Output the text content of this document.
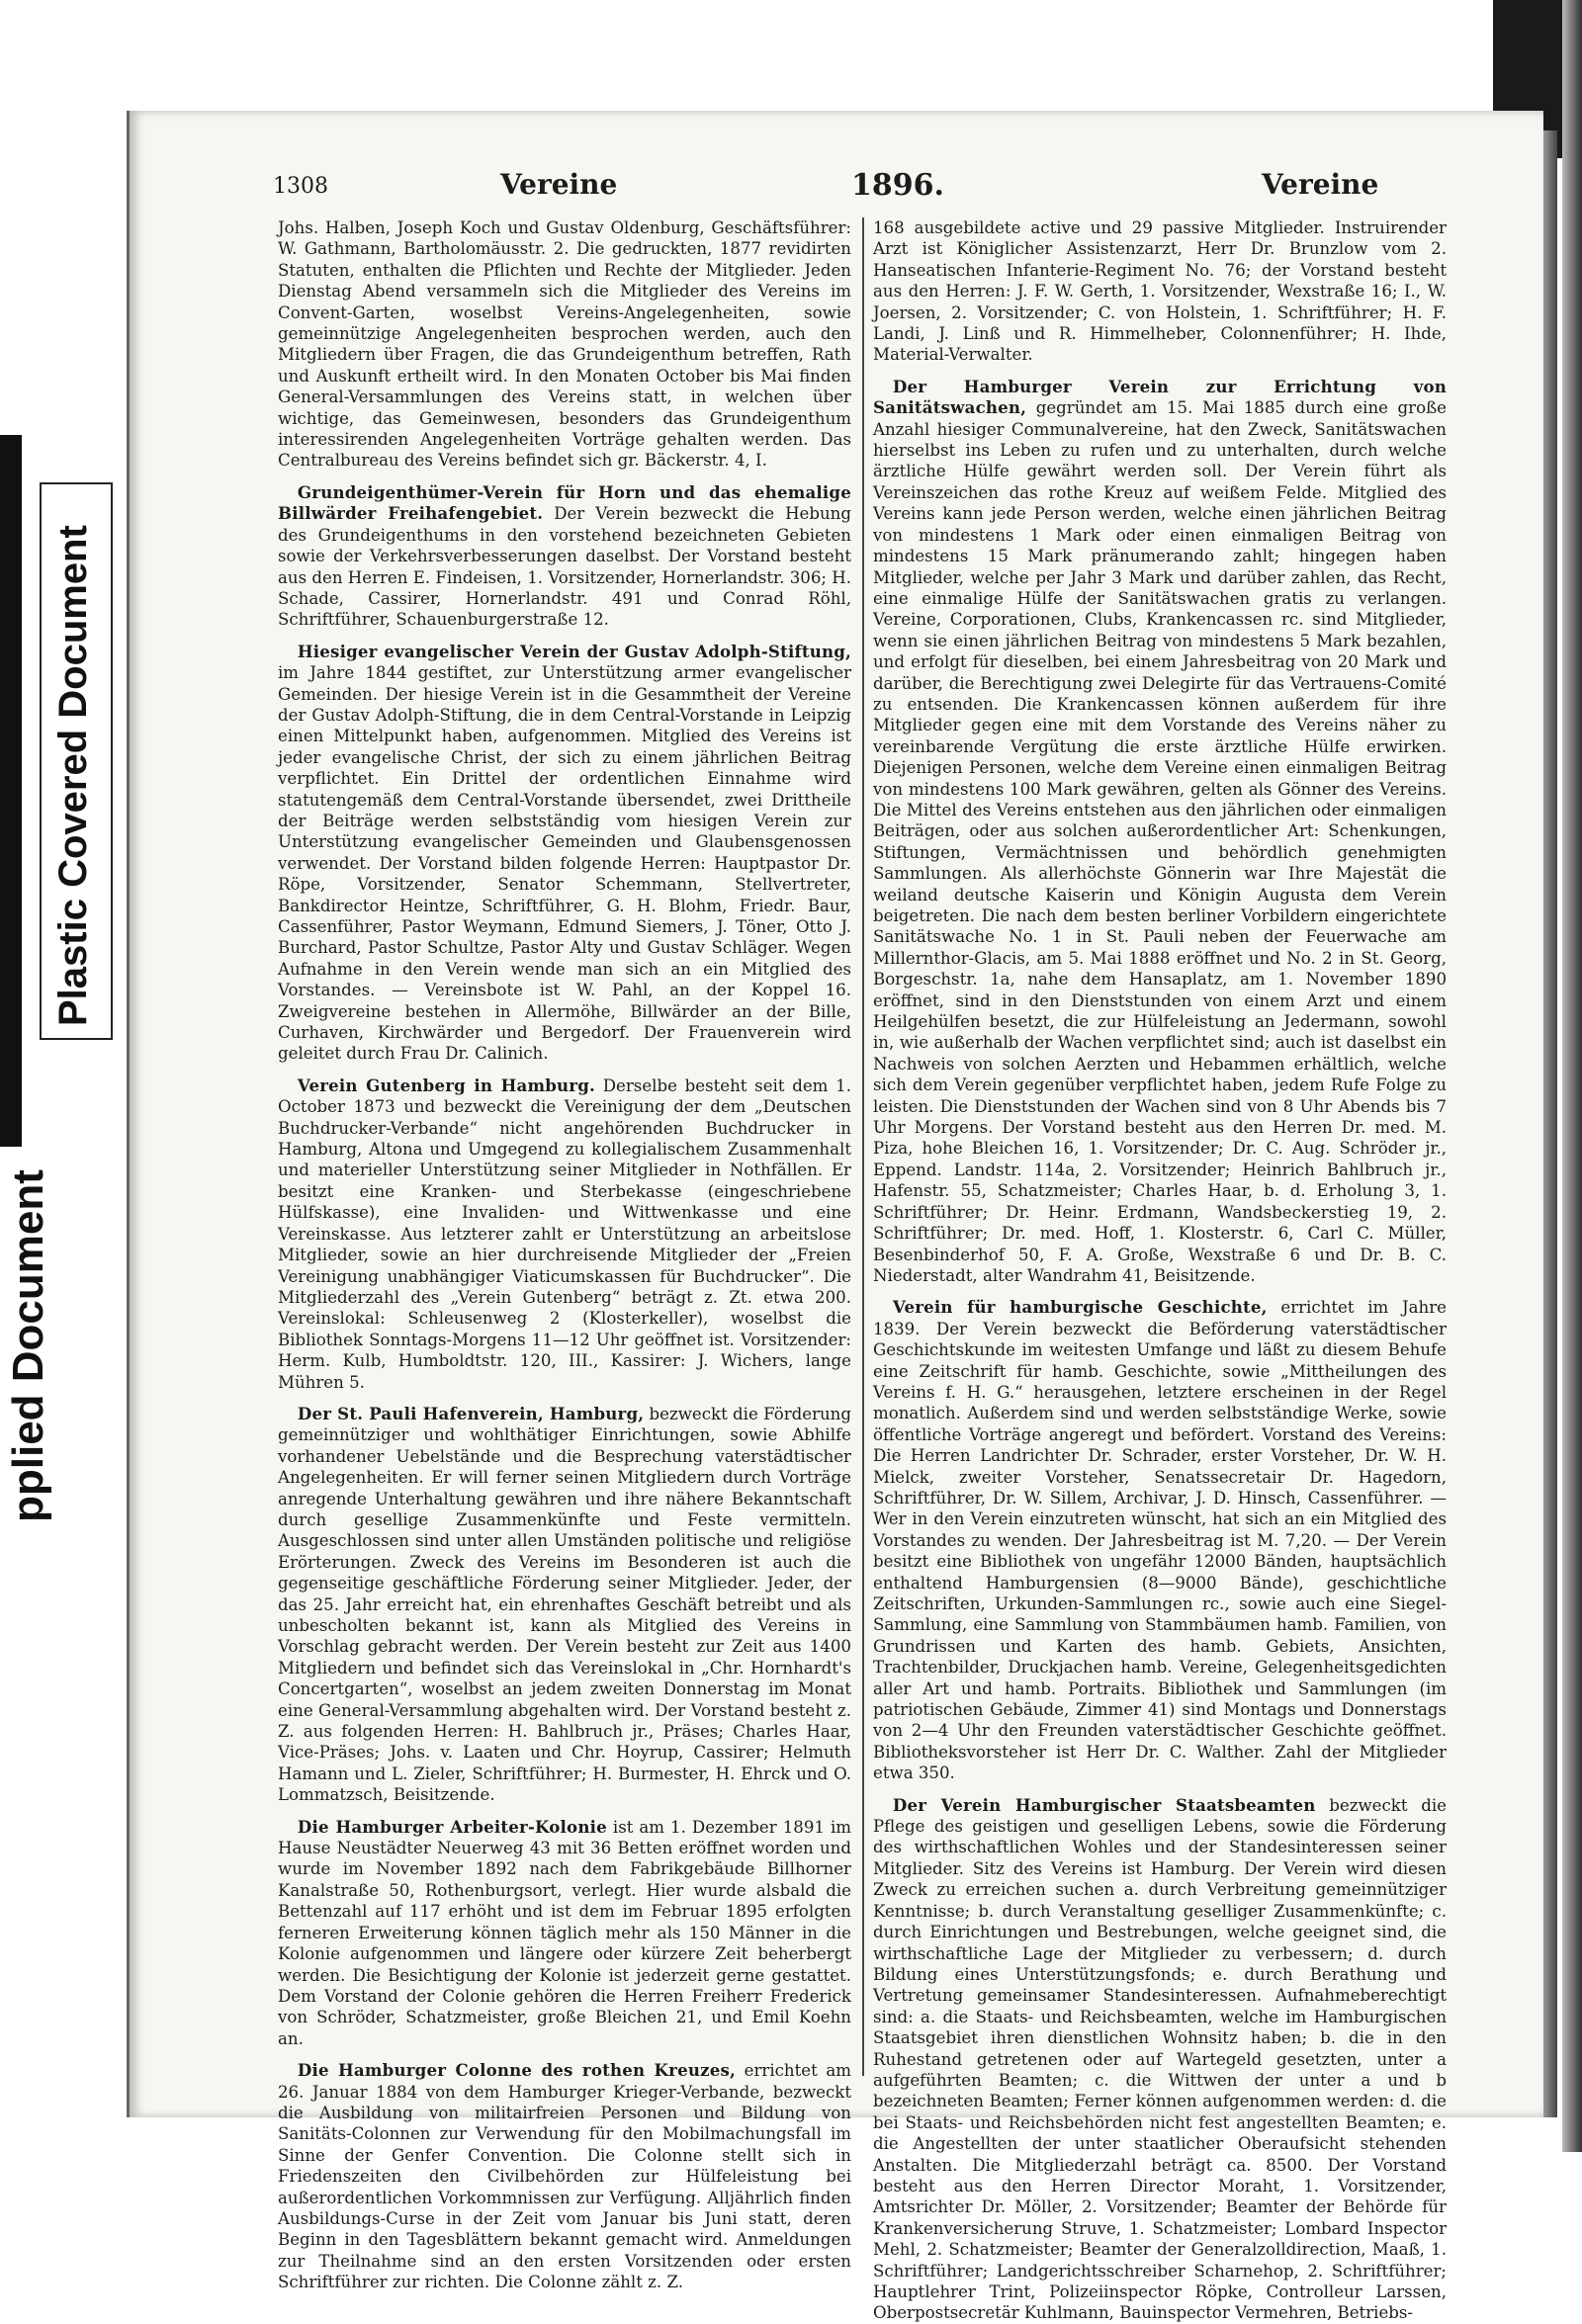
pplied Document
Plastic Covered Document
1308	Vereine	1896.	Vereine

Johs. Halben, Joseph Koch und Gustav Oldenburg, Geschäftsführer: W. Gathmann, Bartholomäusstr. 2. Die gedruckten, 1877 revidirten Statuten, enthalten die Pflichten und Rechte der Mitglieder. Jeden Dienstag Abend versammeln sich die Mitglieder des Vereins im Convent-Garten, woselbst Vereins-Angelegenheiten, sowie gemeinnützige Angelegenheiten besprochen werden, auch den Mitgliedern über Fragen, die das Grundeigenthum betreffen, Rath und Auskunft ertheilt wird. In den Monaten October bis Mai finden General-Versammlungen des Vereins statt, in welchen über wichtige, das Gemeinwesen, besonders das Grundeigenthum interessirenden Angelegenheiten Vorträge gehalten werden. Das Centralbureau des Vereins befindet sich gr. Bäckerstr. 4, I.

Grundeigenthümer-Verein für Horn und das ehemalige Billwärder Freihafengebiet. Der Verein bezweckt die Hebung des Grundeigenthums in den vorstehend bezeichneten Gebieten sowie der Verkehrsverbesserungen daselbst. Der Vorstand besteht aus den Herren E. Findeisen, 1. Vorsitzender, Hornerlandstr. 306; H. Schade, Cassirer, Hornerlandstr. 491 und Conrad Röhl, Schriftführer, Schauenburgerstraße 12.

Hiesiger evangelischer Verein der Gustav Adolph-Stiftung, im Jahre 1844 gestiftet, zur Unterstützung armer evangelischer Gemeinden. Der hiesige Verein ist in die Gesammtheit der Vereine der Gustav Adolph-Stiftung, die in dem Central-Vorstande in Leipzig einen Mittelpunkt haben, aufgenommen. Mitglied des Vereins ist jeder evangelische Christ, der sich zu einem jährlichen Beitrag verpflichtet. Ein Drittel der ordentlichen Einnahme wird statutengemäß dem Central-Vorstande übersendet, zwei Drittheile der Beiträge werden selbstständig vom hiesigen Verein zur Unterstützung evangelischer Gemeinden und Glaubensgenossen verwendet. Der Vorstand bilden folgende Herren: Hauptpastor Dr. Röpe, Vorsitzender, Senator Schemmann, Stellvertreter, Bankdirector Heintze, Schriftführer, G. H. Blohm, Friedr. Baur, Cassenführer, Pastor Weymann, Edmund Siemers, J. Töner, Otto J. Burchard, Pastor Schultze, Pastor Alty und Gustav Schläger. Wegen Aufnahme in den Verein wende man sich an ein Mitglied des Vorstandes. — Vereinsbote ist W. Pahl, an der Koppel 16. Zweigvereine bestehen in Allermöhe, Billwärder an der Bille, Curhaven, Kirchwärder und Bergedorf. Der Frauenverein wird geleitet durch Frau Dr. Calinich.

Verein Gutenberg in Hamburg. Derselbe besteht seit dem 1. October 1873 und bezweckt die Vereinigung der dem „Deutschen Buchdrucker-Verbande“ nicht angehörenden Buchdrucker in Hamburg, Altona und Umgegend zu kollegialischem Zusammenhalt und materieller Unterstützung seiner Mitglieder in Nothfällen. Er besitzt eine Kranken- und Sterbekasse (eingeschriebene Hülfskasse), eine Invaliden- und Wittwenkasse und eine Vereinskasse. Aus letzterer zahlt er Unterstützung an arbeitslose Mitglieder, sowie an hier durchreisende Mitglieder der „Freien Vereinigung unabhängiger Viaticumskassen für Buchdrucker“. Die Mitgliederzahl des „Verein Gutenberg“ beträgt z. Zt. etwa 200. Vereinslokal: Schleusenweg 2 (Klosterkeller), woselbst die Bibliothek Sonntags-Morgens 11—12 Uhr geöffnet ist. Vorsitzender: Herm. Kulb, Humboldtstr. 120, III., Kassirer: J. Wichers, lange Mühren 5.

Der St. Pauli Hafenverein, Hamburg, bezweckt die Förderung gemeinnütziger und wohlthätiger Einrichtungen, sowie Abhilfe vorhandener Uebelstände und die Besprechung vaterstädtischer Angelegenheiten. Er will ferner seinen Mitgliedern durch Vorträge anregende Unterhaltung gewähren und ihre nähere Bekanntschaft durch gesellige Zusammenkünfte und Feste vermitteln. Ausgeschlossen sind unter allen Umständen politische und religiöse Erörterungen. Zweck des Vereins im Besonderen ist auch die gegenseitige geschäftliche Förderung seiner Mitglieder. Jeder, der das 25. Jahr erreicht hat, ein ehrenhaftes Geschäft betreibt und als unbescholten bekannt ist, kann als Mitglied des Vereins in Vorschlag gebracht werden. Der Verein besteht zur Zeit aus 1400 Mitgliedern und befindet sich das Vereinslokal in „Chr. Hornhardt's Concertgarten“, woselbst an jedem zweiten Donnerstag im Monat eine General-Versammlung abgehalten wird. Der Vorstand besteht z. Z. aus folgenden Herren: H. Bahlbruch jr., Präses; Charles Haar, Vice-Präses; Johs. v. Laaten und Chr. Hoyrup, Cassirer; Helmuth Hamann und L. Zieler, Schriftführer; H. Burmester, H. Ehrck und O. Lommatzsch, Beisitzende.

Die Hamburger Arbeiter-Kolonie ist am 1. Dezember 1891 im Hause Neustädter Neuerweg 43 mit 36 Betten eröffnet worden und wurde im November 1892 nach dem Fabrikgebäude Billhorner Kanalstraße 50, Rothenburgsort, verlegt. Hier wurde alsbald die Bettenzahl auf 117 erhöht und ist dem im Februar 1895 erfolgten ferneren Erweiterung können täglich mehr als 150 Männer in die Kolonie aufgenommen und längere oder kürzere Zeit beherbergt werden. Die Besichtigung der Kolonie ist jederzeit gerne gestattet. Dem Vorstand der Colonie gehören die Herren Freiherr Frederick von Schröder, Schatzmeister, große Bleichen 21, und Emil Koehn an.

Die Hamburger Colonne des rothen Kreuzes, errichtet am 26. Januar 1884 von dem Hamburger Krieger-Verbande, bezweckt die Ausbildung von militairfreien Personen und Bildung von Sanitäts-Colonnen zur Verwendung für den Mobilmachungsfall im Sinne der Genfer Convention. Die Colonne stellt sich in Friedenszeiten den Civilbehörden zur Hülfeleistung bei außerordentlichen Vorkommnissen zur Verfügung. Alljährlich finden Ausbildungs-Curse in der Zeit vom Januar bis Juni statt, deren Beginn in den Tagesblättern bekannt gemacht wird. Anmeldungen zur Theilnahme sind an den ersten Vorsitzenden oder ersten Schriftführer zur richten. Die Colonne zählt z. Z.

168 ausgebildete active und 29 passive Mitglieder. Instruirender Arzt ist Königlicher Assistenzarzt, Herr Dr. Brunzlow vom 2. Hanseatischen Infanterie-Regiment No. 76; der Vorstand besteht aus den Herren: J. F. W. Gerth, 1. Vorsitzender, Wexstraße 16; I., W. Joersen, 2. Vorsitzender; C. von Holstein, 1. Schriftführer; H. F. Landi, J. Linß und R. Himmelheber, Colonnenführer; H. Ihde, Material-Verwalter.

Der Hamburger Verein zur Errichtung von Sanitätswachen, gegründet am 15. Mai 1885 durch eine große Anzahl hiesiger Communalvereine, hat den Zweck, Sanitätswachen hierselbst ins Leben zu rufen und zu unterhalten, durch welche ärztliche Hülfe gewährt werden soll. Der Verein führt als Vereinszeichen das rothe Kreuz auf weißem Felde. Mitglied des Vereins kann jede Person werden, welche einen jährlichen Beitrag von mindestens 1 Mark oder einen einmaligen Beitrag von mindestens 15 Mark pränumerando zahlt; hingegen haben Mitglieder, welche per Jahr 3 Mark und darüber zahlen, das Recht, eine einmalige Hülfe der Sanitätswachen gratis zu verlangen. Vereine, Corporationen, Clubs, Krankencassen rc. sind Mitglieder, wenn sie einen jährlichen Beitrag von mindestens 5 Mark bezahlen, und erfolgt für dieselben, bei einem Jahresbeitrag von 20 Mark und darüber, die Berechtigung zwei Delegirte für das Vertrauens-Comité zu entsenden. Die Krankencassen können außerdem für ihre Mitglieder gegen eine mit dem Vorstande des Vereins näher zu vereinbarende Vergütung die erste ärztliche Hülfe erwirken. Diejenigen Personen, welche dem Vereine einen einmaligen Beitrag von mindestens 100 Mark gewähren, gelten als Gönner des Vereins. Die Mittel des Vereins entstehen aus den jährlichen oder einmaligen Beiträgen, oder aus solchen außerordentlicher Art: Schenkungen, Stiftungen, Vermächtnissen und behördlich genehmigten Sammlungen. Als allerhöchste Gönnerin war Ihre Majestät die weiland deutsche Kaiserin und Königin Augusta dem Verein beigetreten. Die nach dem besten berliner Vorbildern eingerichtete Sanitätswache No. 1 in St. Pauli neben der Feuerwache am Millernthor-Glacis, am 5. Mai 1888 eröffnet und No. 2 in St. Georg, Borgeschstr. 1a, nahe dem Hansaplatz, am 1. November 1890 eröffnet, sind in den Dienststunden von einem Arzt und einem Heilgehülfen besetzt, die zur Hülfeleistung an Jedermann, sowohl in, wie außerhalb der Wachen verpflichtet sind; auch ist daselbst ein Nachweis von solchen Aerzten und Hebammen erhältlich, welche sich dem Verein gegenüber verpflichtet haben, jedem Rufe Folge zu leisten. Die Dienststunden der Wachen sind von 8 Uhr Abends bis 7 Uhr Morgens. Der Vorstand besteht aus den Herren Dr. med. M. Piza, hohe Bleichen 16, 1. Vorsitzender; Dr. C. Aug. Schröder jr., Eppend. Landstr. 114a, 2. Vorsitzender; Heinrich Bahlbruch jr., Hafenstr. 55, Schatzmeister; Charles Haar, b. d. Erholung 3, 1. Schriftführer; Dr. Heinr. Erdmann, Wandsbeckerstieg 19, 2. Schriftführer; Dr. med. Hoff, 1. Klosterstr. 6, Carl C. Müller, Besenbinderhof 50, F. A. Große, Wexstraße 6 und Dr. B. C. Niederstadt, alter Wandrahm 41, Beisitzende.

Verein für hamburgische Geschichte, errichtet im Jahre 1839. Der Verein bezweckt die Beförderung vaterstädtischer Geschichtskunde im weitesten Umfange und läßt zu diesem Behufe eine Zeitschrift für hamb. Geschichte, sowie „Mittheilungen des Vereins f. H. G.“ herausgehen, letztere erscheinen in der Regel monatlich. Außerdem sind und werden selbstständige Werke, sowie öffentliche Vorträge angeregt und befördert. Vorstand des Vereins: Die Herren Landrichter Dr. Schrader, erster Vorsteher, Dr. W. H. Mielck, zweiter Vorsteher, Senatssecretair Dr. Hagedorn, Schriftführer, Dr. W. Sillem, Archivar, J. D. Hinsch, Cassenführer. — Wer in den Verein einzutreten wünscht, hat sich an ein Mitglied des Vorstandes zu wenden. Der Jahresbeitrag ist M. 7,20. — Der Verein besitzt eine Bibliothek von ungefähr 12000 Bänden, hauptsächlich enthaltend Hamburgensien (8—9000 Bände), geschichtliche Zeitschriften, Urkunden-Sammlungen rc., sowie auch eine Siegel-Sammlung, eine Sammlung von Stammbäumen hamb. Familien, von Grundrissen und Karten des hamb. Gebiets, Ansichten, Trachtenbilder, Druckjachen hamb. Vereine, Gelegenheitsgedichten aller Art und hamb. Portraits. Bibliothek und Sammlungen (im patriotischen Gebäude, Zimmer 41) sind Montags und Donnerstags von 2—4 Uhr den Freunden vaterstädtischer Geschichte geöffnet. Bibliotheksvorsteher ist Herr Dr. C. Walther. Zahl der Mitglieder etwa 350.

Der Verein Hamburgischer Staatsbeamten bezweckt die Pflege des geistigen und geselligen Lebens, sowie die Förderung des wirthschaftlichen Wohles und der Standesinteressen seiner Mitglieder. Sitz des Vereins ist Hamburg. Der Verein wird diesen Zweck zu erreichen suchen a. durch Verbreitung gemeinnütziger Kenntnisse; b. durch Veranstaltung geselliger Zusammenkünfte; c. durch Einrichtungen und Bestrebungen, welche geeignet sind, die wirthschaftliche Lage der Mitglieder zu verbessern; d. durch Bildung eines Unterstützungsfonds; e. durch Berathung und Vertretung gemeinsamer Standesinteressen. Aufnahmeberechtigt sind: a. die Staats- und Reichsbeamten, welche im Hamburgischen Staatsgebiet ihren dienstlichen Wohnsitz haben; b. die in den Ruhestand getretenen oder auf Wartegeld gesetzten, unter a aufgeführten Beamten; c. die Wittwen der unter a und b bezeichneten Beamten; Ferner können aufgenommen werden: d. die bei Staats- und Reichsbehörden nicht fest angestellten Beamten; e. die Angestellten der unter staatlicher Oberaufsicht stehenden Anstalten. Die Mitgliederzahl beträgt ca. 8500. Der Vorstand besteht aus den Herren Director Moraht, 1. Vorsitzender, Amtsrichter Dr. Möller, 2. Vorsitzender; Beamter der Behörde für Krankenversicherung Struve, 1. Schatzmeister; Lombard Inspector Mehl, 2. Schatzmeister; Beamter der Generalzolldirection, Maaß, 1. Schriftführer; Landgerichtsschreiber Scharnehop, 2. Schriftführer; Hauptlehrer Trint, Polizeiinspector Röpke, Controlleur Larssen, Oberpostsecretär Kuhlmann, Bauinspector Vermehren, Betriebs-
